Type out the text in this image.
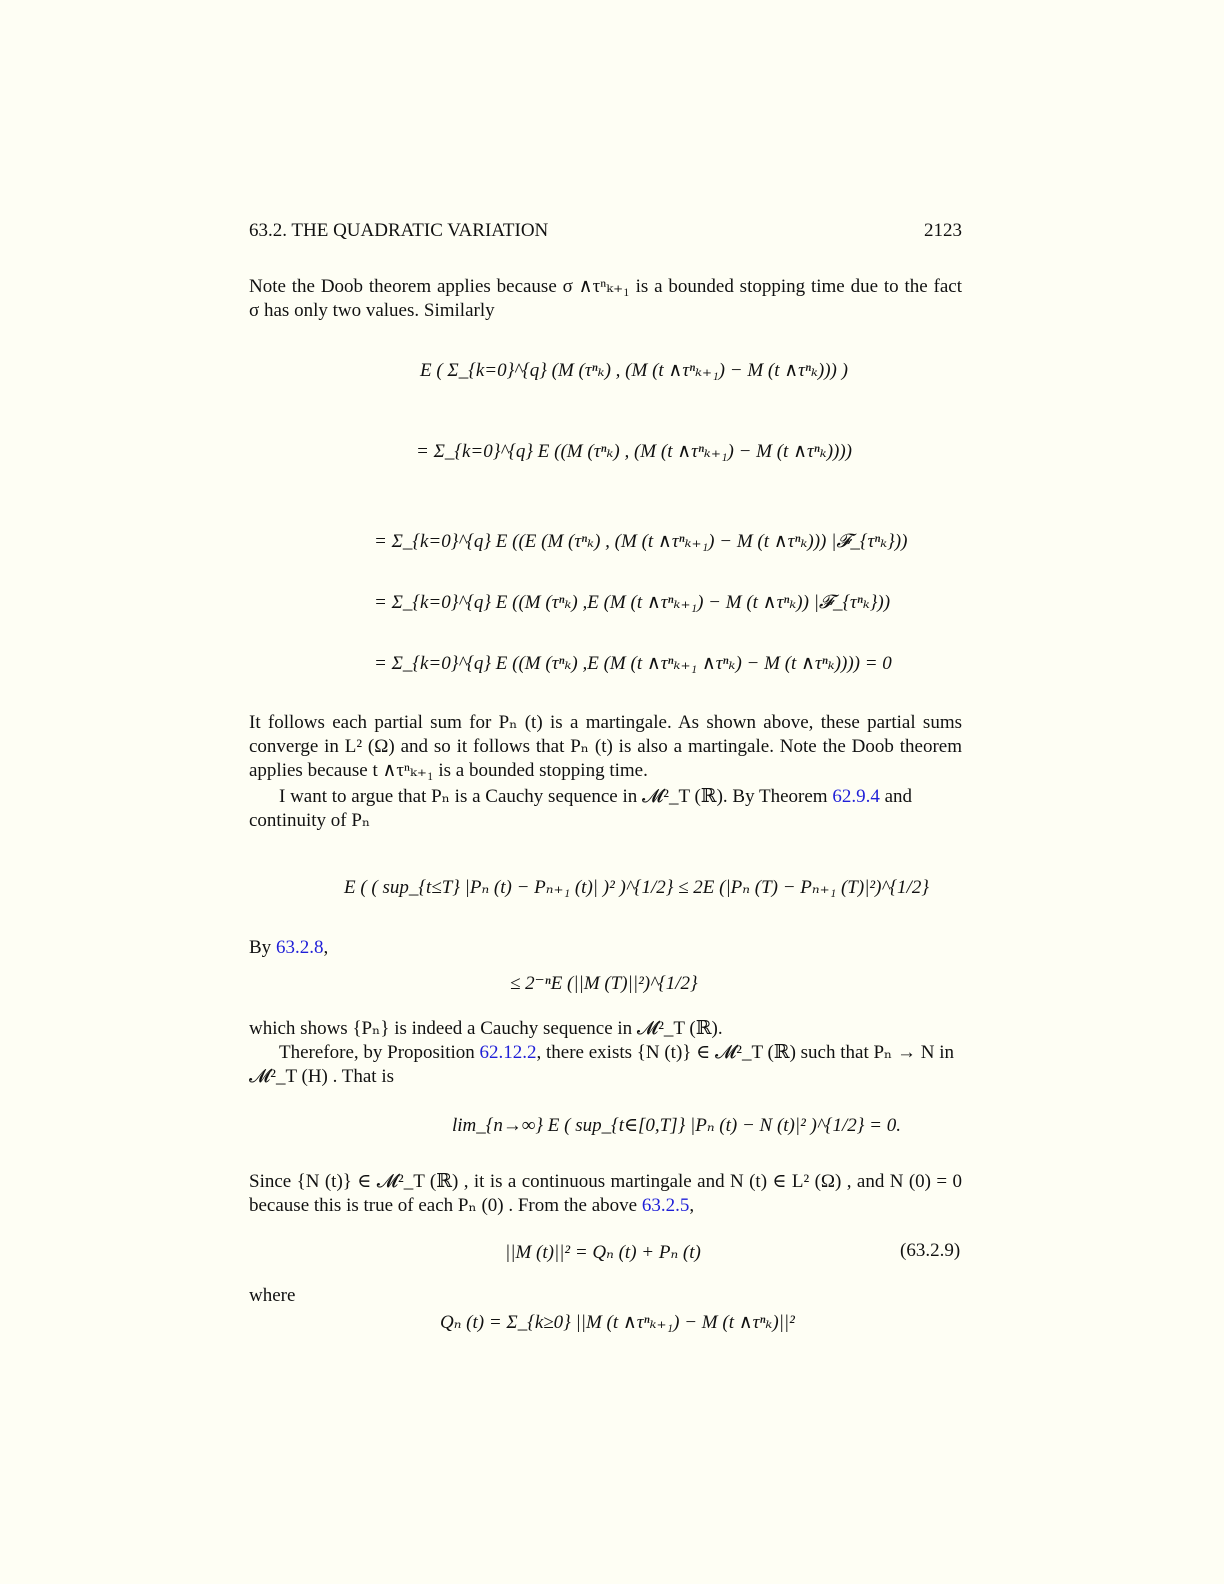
63.2. THE QUADRATIC VARIATION	2123
Note the Doob theorem applies because σ ∧τⁿₖ₊₁ is a bounded stopping time due to the fact
σ has only two values. Similarly
E ( Σ_{k=0}^{q} (M (τⁿₖ) , (M (t ∧τⁿₖ₊₁) − M (t ∧τⁿₖ))) )
= Σ_{k=0}^{q} E ((M (τⁿₖ) , (M (t ∧τⁿₖ₊₁) − M (t ∧τⁿₖ))))
= Σ_{k=0}^{q} E ((E (M (τⁿₖ) , (M (t ∧τⁿₖ₊₁) − M (t ∧τⁿₖ))) |𝓕_{τⁿₖ}))
= Σ_{k=0}^{q} E ((M (τⁿₖ) ,E (M (t ∧τⁿₖ₊₁) − M (t ∧τⁿₖ)) |𝓕_{τⁿₖ}))
= Σ_{k=0}^{q} E ((M (τⁿₖ) ,E (M (t ∧τⁿₖ₊₁ ∧τⁿₖ) − M (t ∧τⁿₖ)))) = 0
It follows each partial sum for Pₙ (t) is a martingale. As shown above, these partial sums
converge in L² (Ω) and so it follows that Pₙ (t) is also a martingale. Note the Doob theorem
applies because t ∧τⁿₖ₊₁ is a bounded stopping time.
I want to argue that Pₙ is a Cauchy sequence in 𝓜²_T (ℝ). By Theorem 62.9.4 and
continuity of Pₙ
E ( ( sup_{t≤T} |Pₙ (t) − Pₙ₊₁ (t)| )² )^{1/2} ≤ 2E (|Pₙ (T) − Pₙ₊₁ (T)|²)^{1/2}
By 63.2.8,
≤ 2⁻ⁿE (||M (T)||²)^{1/2}
which shows {Pₙ} is indeed a Cauchy sequence in 𝓜²_T (ℝ).
Therefore, by Proposition 62.12.2, there exists {N (t)} ∈ 𝓜²_T (ℝ) such that Pₙ → N in
𝓜²_T (H) . That is
lim_{n→∞} E ( sup_{t∈[0,T]} |Pₙ (t) − N (t)|² )^{1/2} = 0.
Since {N (t)} ∈ 𝓜²_T (ℝ) , it is a continuous martingale and N (t) ∈ L² (Ω) , and N (0) = 0
because this is true of each Pₙ (0) . From the above 63.2.5,
||M (t)||² = Qₙ (t) + Pₙ (t)	(63.2.9)
where
Qₙ (t) = Σ_{k≥0} ||M (t ∧τⁿₖ₊₁) − M (t ∧τⁿₖ)||²
